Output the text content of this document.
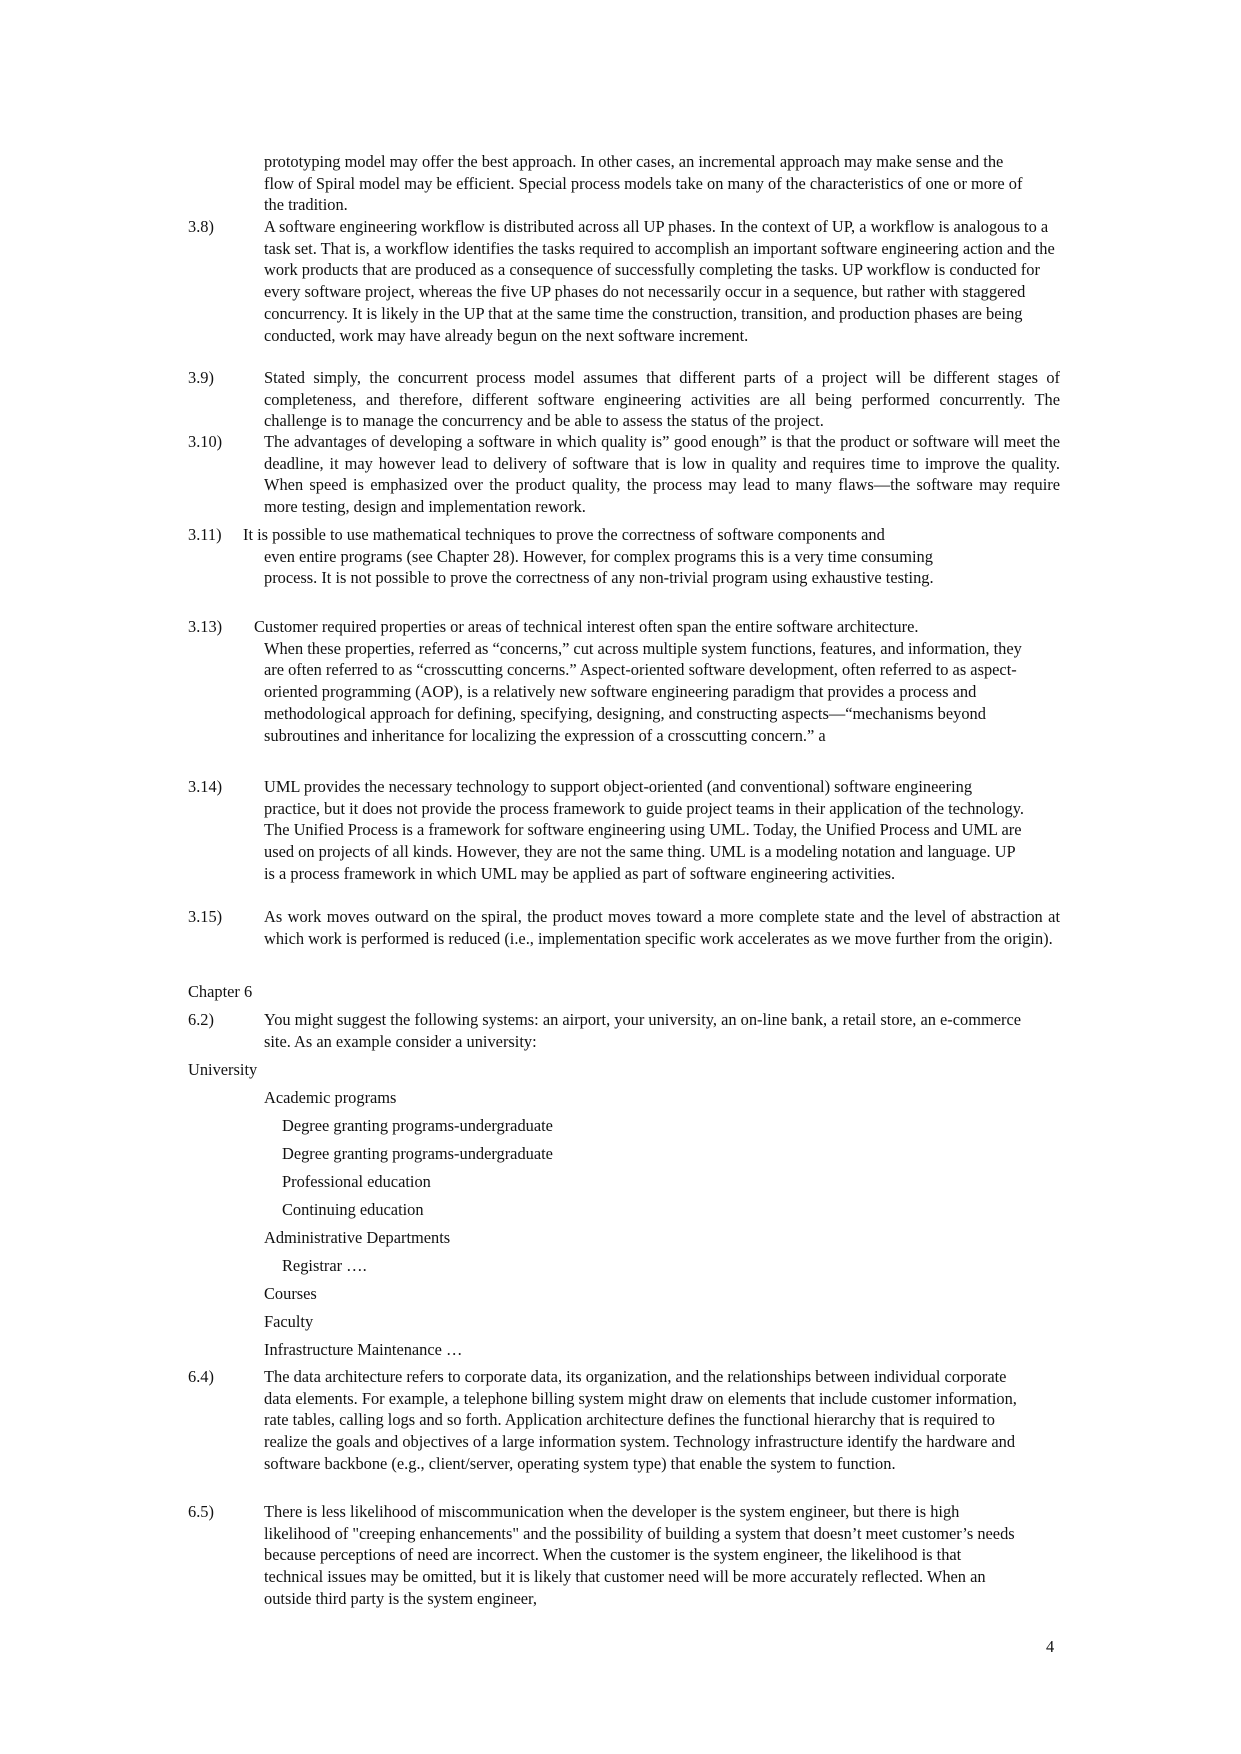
prototyping model may offer the best approach. In other cases, an incremental approach may make sense and the flow of Spiral model may be efficient. Special process models take on many of the characteristics of one or more of the tradition.
3.8)	A software engineering workflow is distributed across all UP phases. In the context of UP, a workflow is analogous to a task set. That is, a workflow identifies the tasks required to accomplish an important software engineering action and the work products that are produced as a consequence of successfully completing the tasks. UP workflow is conducted for every software project, whereas the five UP phases do not necessarily occur in a sequence, but rather with staggered concurrency. It is likely in the UP that at the same time the construction, transition, and production phases are being conducted, work may have already begun on the next software increment.
3.9)	Stated simply, the concurrent process model assumes that different parts of a project will be different stages of completeness, and therefore, different software engineering activities are all being performed concurrently. The challenge is to manage the concurrency and be able to assess the status of the project.
3.10)	The advantages of developing a software in which quality is” good enough” is that the product or software will meet the deadline, it may however lead to delivery of software that is low in quality and requires time to improve the quality. When speed is emphasized over the product quality, the process may lead to many flaws—the software may require more testing, design and implementation rework.
3.11) It is possible to use mathematical techniques to prove the correctness of software components and
even entire programs (see Chapter 28). However, for complex programs this is a very time consuming process. It is not possible to prove the correctness of any non-trivial program using exhaustive testing.
3.13) Customer required properties or areas of technical interest often span the entire software architecture.
When these properties, referred as “concerns,” cut across multiple system functions, features, and information, they are often referred to as “crosscutting concerns.” Aspect-oriented software development, often referred to as aspect-oriented programming (AOP), is a relatively new software engineering paradigm that provides a process and methodological approach for defining, specifying, designing, and constructing aspects—“mechanisms beyond subroutines and inheritance for localizing the expression of a crosscutting concern.” a
3.14)	UML provides the necessary technology to support object-oriented (and conventional) software engineering practice, but it does not provide the process framework to guide project teams in their application of the technology. The Unified Process is a framework for software engineering using UML. Today, the Unified Process and UML are used on projects of all kinds. However, they are not the same thing. UML is a modeling notation and language. UP is a process framework in which UML may be applied as part of software engineering activities.
3.15)	As work moves outward on the spiral, the product moves toward a more complete state and the level of abstraction at which work is performed is reduced (i.e., implementation specific work accelerates as we move further from the origin).
Chapter 6
6.2)	You might suggest the following systems: an airport, your university, an on-line bank, a retail store, an e-commerce site. As an example consider a university:
University
Academic programs
Degree granting programs-undergraduate
Degree granting programs-undergraduate
Professional education
Continuing education
Administrative Departments
Registrar ….
Courses
Faculty
Infrastructure Maintenance …
6.4)	The data architecture refers to corporate data, its organization, and the relationships between individual corporate data elements. For example, a telephone billing system might draw on elements that include customer information, rate tables, calling logs and so forth. Application architecture defines the functional hierarchy that is required to realize the goals and objectives of a large information system. Technology infrastructure identify the hardware and software backbone (e.g., client/server, operating system type) that enable the system to function.
6.5)	There is less likelihood of miscommunication when the developer is the system engineer, but there is high likelihood of "creeping enhancements" and the possibility of building a system that doesn’t meet customer’s needs because perceptions of need are incorrect. When the customer is the system engineer, the likelihood is that technical issues may be omitted, but it is likely that customer need will be more accurately reflected. When an outside third party is the system engineer,
4
